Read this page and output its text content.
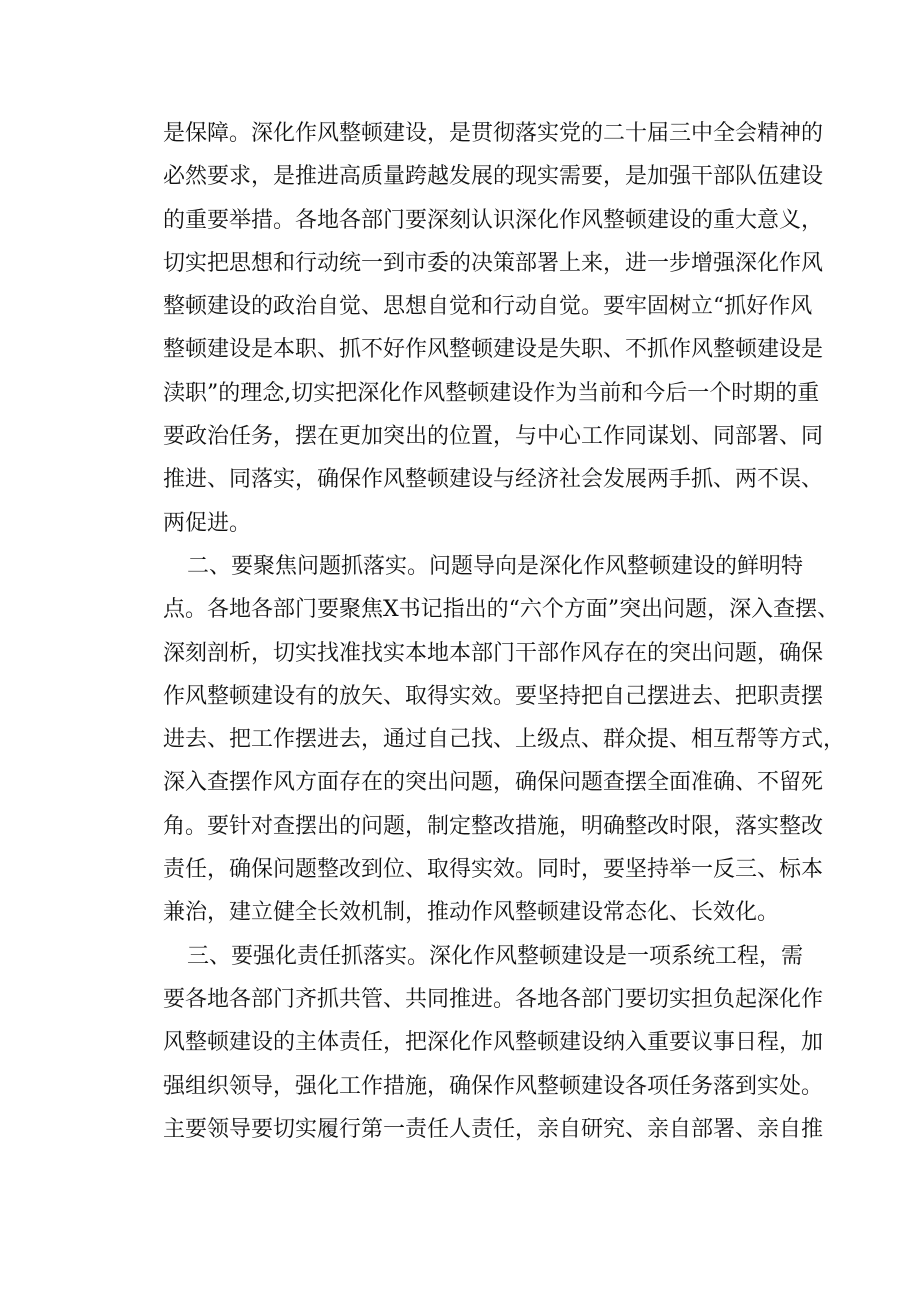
是保障。深化作风整顿建设，是贯彻落实党的二十届三中全会精神的
必然要求，是推进高质量跨越发展的现实需要，是加强干部队伍建设
的重要举措。各地各部门要深刻认识深化作风整顿建设的重大意义，
切实把思想和行动统一到市委的决策部署上来，进一步增强深化作风
整顿建设的政治自觉、思想自觉和行动自觉。要牢固树立“抓好作风
整顿建设是本职、抓不好作风整顿建设是失职、不抓作风整顿建设是
渎职”的理念,切实把深化作风整顿建设作为当前和今后一个时期的重
要政治任务，摆在更加突出的位置，与中心工作同谋划、同部署、同
推进、同落实，确保作风整顿建设与经济社会发展两手抓、两不误、
两促进。
二、要聚焦问题抓落实。问题导向是深化作风整顿建设的鲜明特
点。各地各部门要聚焦X书记指出的“六个方面”突出问题，深入查摆、
深刻剖析，切实找准找实本地本部门干部作风存在的突出问题，确保
作风整顿建设有的放矢、取得实效。要坚持把自己摆进去、把职责摆
进去、把工作摆进去，通过自己找、上级点、群众提、相互帮等方式，
深入查摆作风方面存在的突出问题，确保问题查摆全面准确、不留死
角。要针对查摆出的问题，制定整改措施，明确整改时限，落实整改
责任，确保问题整改到位、取得实效。同时，要坚持举一反三、标本
兼治，建立健全长效机制，推动作风整顿建设常态化、长效化。
三、要强化责任抓落实。深化作风整顿建设是一项系统工程，需
要各地各部门齐抓共管、共同推进。各地各部门要切实担负起深化作
风整顿建设的主体责任，把深化作风整顿建设纳入重要议事日程，加
强组织领导，强化工作措施，确保作风整顿建设各项任务落到实处。
主要领导要切实履行第一责任人责任，亲自研究、亲自部署、亲自推
